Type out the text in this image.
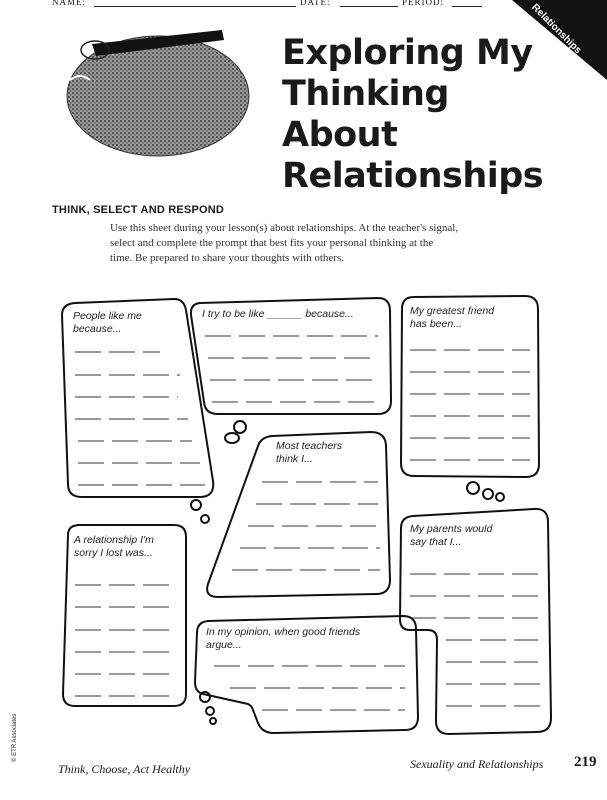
NAME:	DATE:	PERIOD:	Relationships
Exploring My
Thinking About
Relationships
THINK, SELECT AND RESPOND
Use this sheet during your lesson(s) about relationships. At the teacher's signal,
select and complete the prompt that best fits your personal thinking at the
time. Be prepared to share your thoughts with others.
People like me
because...
I try to be like ______ because...	My greatest friend
has been...
Most teachers
think I...
A relationship I'm
sorry I lost was...
My parents would
say that I...
In my opinion, when good friends
argue...
© ETR Associates
Think, Choose, Act Healthy	Sexuality and Relationships 219
